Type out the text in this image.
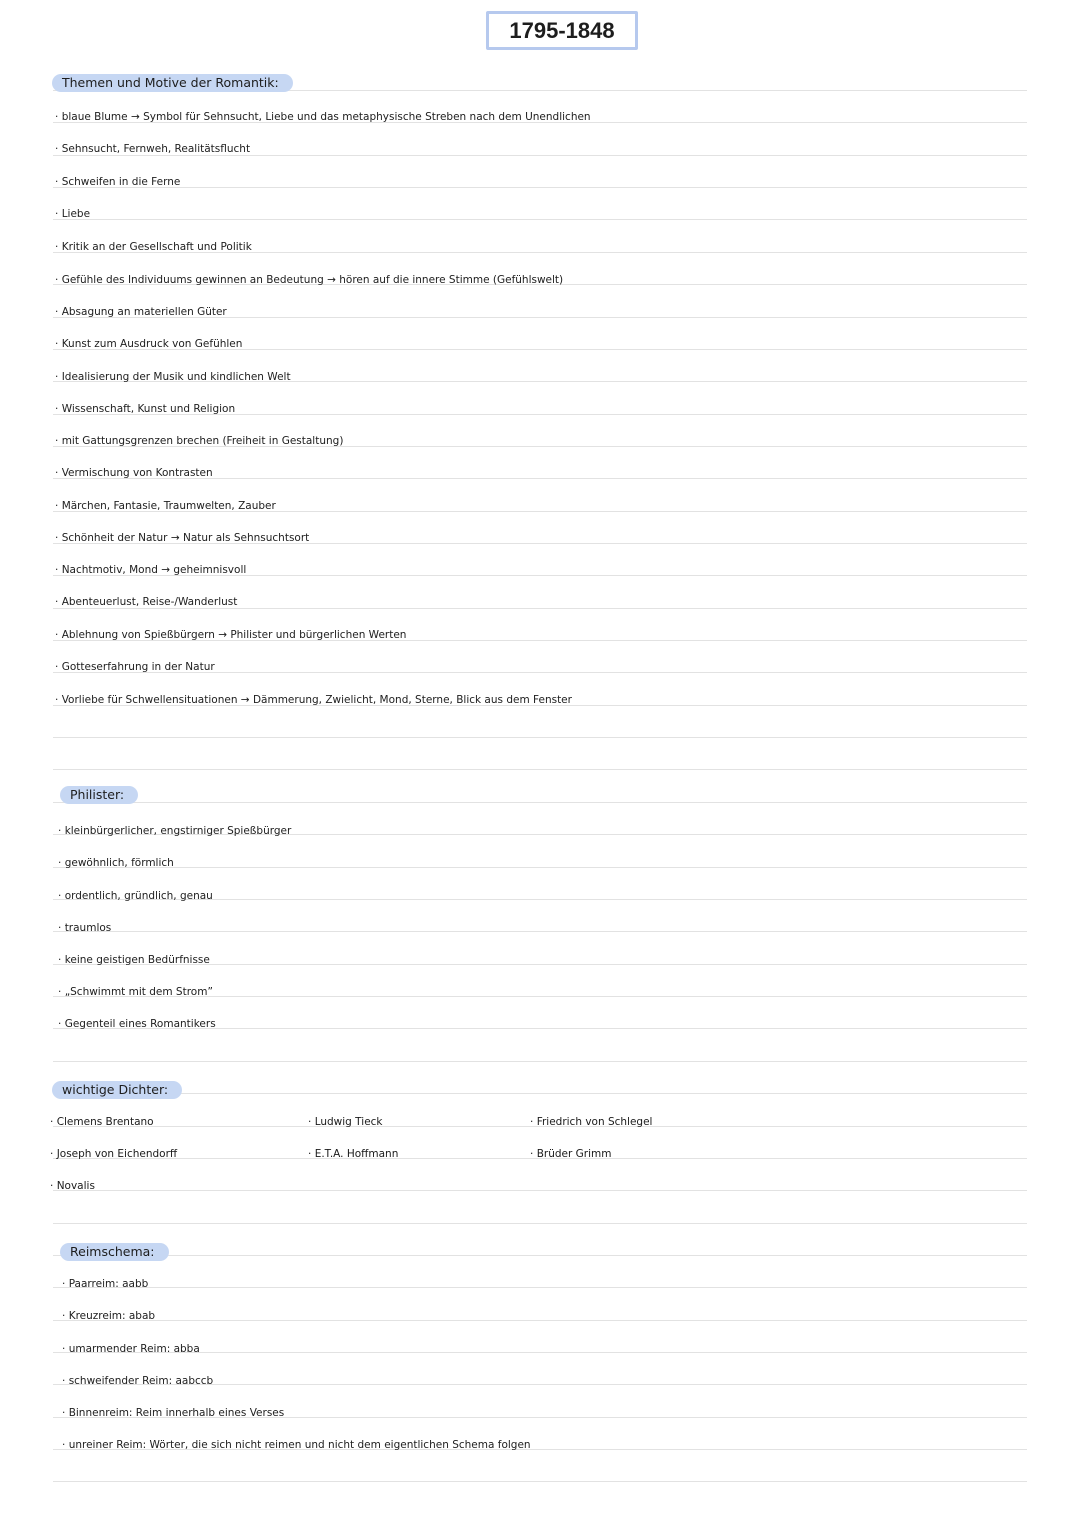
1795-1848
Themen und Motive der Romantik:
· blaue Blume → Symbol für Sehnsucht, Liebe und das metaphysische Streben nach dem Unendlichen
· Sehnsucht, Fernweh, Realitätsflucht
· Schweifen in die Ferne
· Liebe
· Kritik an der Gesellschaft und Politik
· Gefühle des Individuums gewinnen an Bedeutung → hören auf die innere Stimme (Gefühlswelt)
· Absagung an materiellen Güter
· Kunst zum Ausdruck von Gefühlen
· Idealisierung der Musik und kindlichen Welt
· Wissenschaft, Kunst und Religion
· mit Gattungsgrenzen brechen (Freiheit in Gestaltung)
· Vermischung von Kontrasten
· Märchen, Fantasie, Traumwelten, Zauber
· Schönheit der Natur → Natur als Sehnsuchtsort
· Nachtmotiv, Mond → geheimnisvoll
· Abenteuerlust, Reise-/Wanderlust
· Ablehnung von Spießbürgern → Philister und bürgerlichen Werten
· Gotteserfahrung in der Natur
· Vorliebe für Schwellensituationen → Dämmerung, Zwielicht, Mond, Sterne, Blick aus dem Fenster
Philister:
· kleinbürgerlicher, engstirniger Spießbürger
· gewöhnlich, förmlich
· ordentlich, gründlich, genau
· traumlos
· keine geistigen Bedürfnisse
· „Schwimmt mit dem Strom”
· Gegenteil eines Romantikers
wichtige Dichter:
· Clemens Brentano
· Joseph von Eichendorff
· Novalis
· Ludwig Tieck
· E.T.A. Hoffmann
· Friedrich von Schlegel
· Brüder Grimm
Reimschema:
· Paarreim: aabb
· Kreuzreim: abab
· umarmender Reim: abba
· schweifender Reim: aabccb
· Binnenreim: Reim innerhalb eines Verses
· unreiner Reim: Wörter, die sich nicht reimen und nicht dem eigentlichen Schema folgen
